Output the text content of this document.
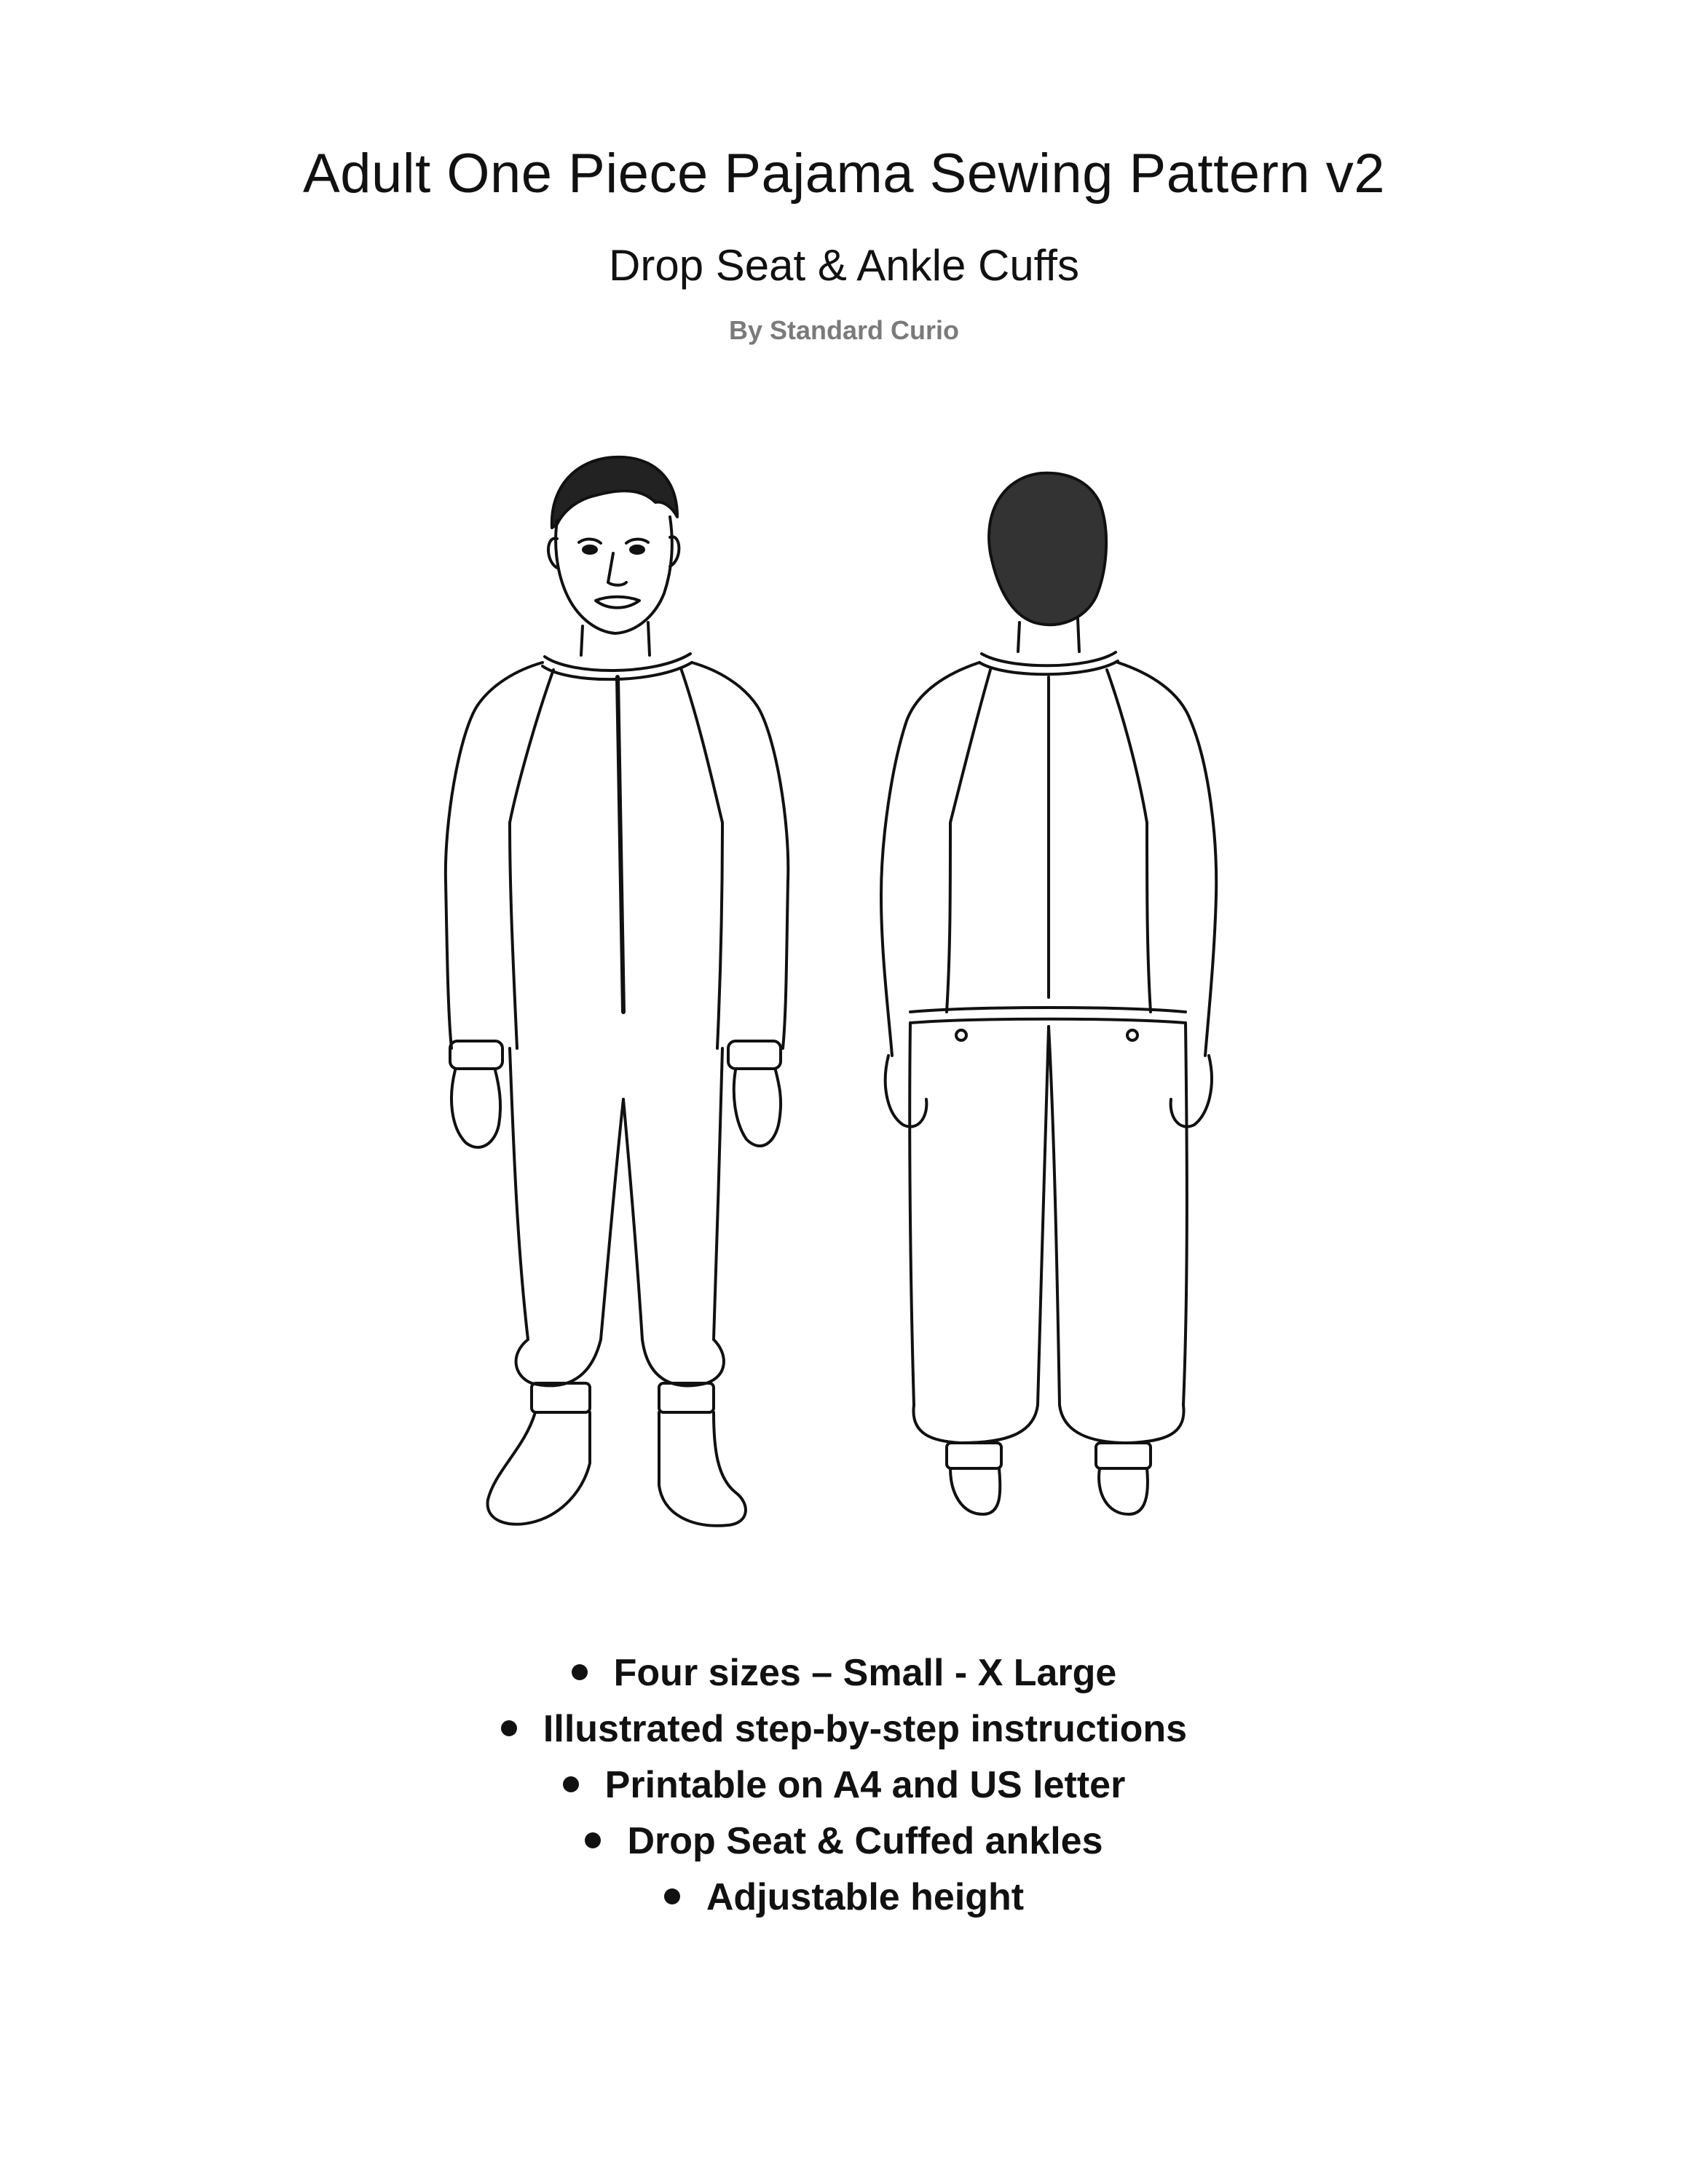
Adult One Piece Pajama Sewing Pattern v2
Drop Seat & Ankle Cuffs
By Standard Curio
Four sizes – Small - X Large
Illustrated step-by-step instructions
Printable on A4 and US letter
Drop Seat & Cuffed ankles
Adjustable height
